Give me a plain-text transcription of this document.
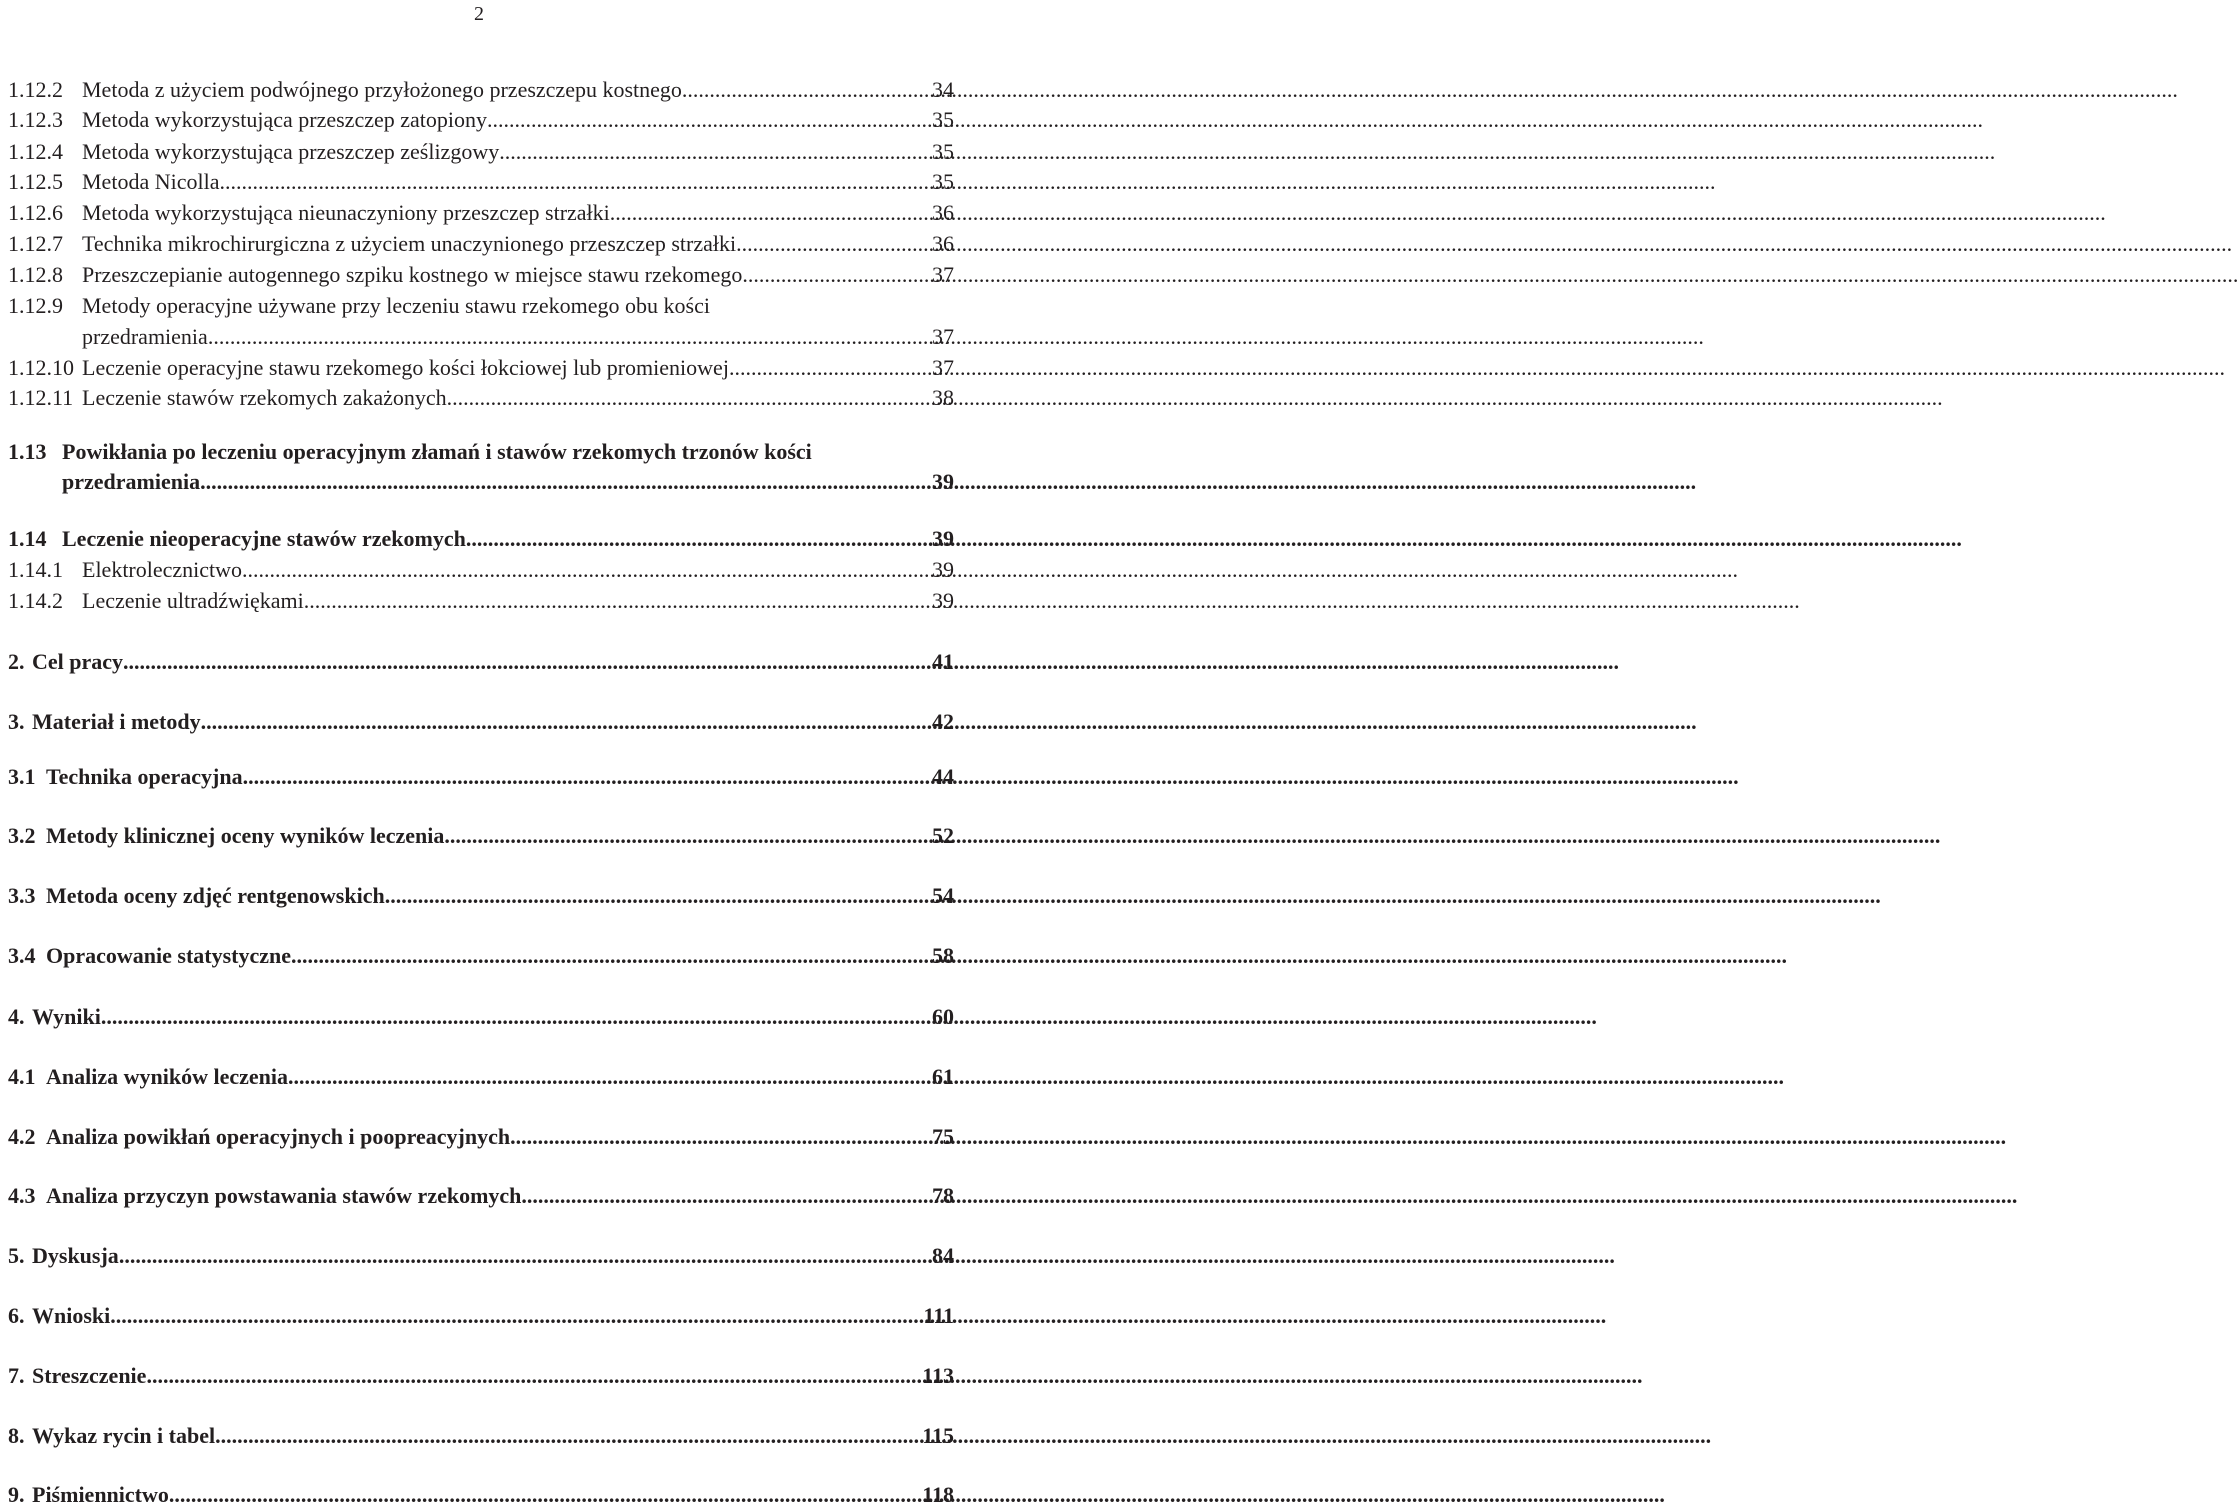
2
1.12.2 Metoda z użyciem podwójnego przyłożonego przeszczepu kostnego .....	34
1.12.3 Metoda wykorzystująca przeszczep zatopiony .....	35
1.12.4 Metoda wykorzystująca przeszczep ześlizgowy .....	35
1.12.5 Metoda Nicolla .....	35
1.12.6 Metoda wykorzystująca nieunaczyniony przeszczep strzałki .....	36
1.12.7 Technika mikrochirurgiczna z użyciem unaczynionego przeszczep strzałki .....	36
1.12.8 Przeszczepianie autogennego szpiku kostnego w miejsce stawu rzekomego .....	37
1.12.9 Metody operacyjne używane przy leczeniu stawu rzekomego obu kości
przedramienia .....	37
1.12.10 Leczenie operacyjne stawu rzekomego kości łokciowej lub promieniowej .....	37
1.12.11 Leczenie stawów rzekomych zakażonych .....	38
1.13 Powikłania po leczeniu operacyjnym złamań i stawów rzekomych trzonów kości
przedramienia .....	39
1.14 Leczenie nieoperacyjne stawów rzekomych .....	39
1.14.1 Elektrolecznictwo .....	39
1.14.2 Leczenie ultradźwiękami .....	39
2. Cel pracy .....	41
3. Materiał i metody .....	42
3.1 Technika operacyjna .....	44
3.2 Metody klinicznej oceny wyników leczenia .....	52
3.3 Metoda oceny zdjęć rentgenowskich .....	54
3.4 Opracowanie statystyczne .....	58
4. Wyniki .....	60
4.1 Analiza wyników leczenia .....	61
4.2 Analiza powikłań operacyjnych i poopreacyjnych .....	75
4.3 Analiza przyczyn powstawania stawów rzekomych .....	78
5. Dyskusja .....	84
6. Wnioski .....	111
7. Streszczenie .....	113
8. Wykaz rycin i tabel .....	115
9. Piśmiennictwo .....	118
